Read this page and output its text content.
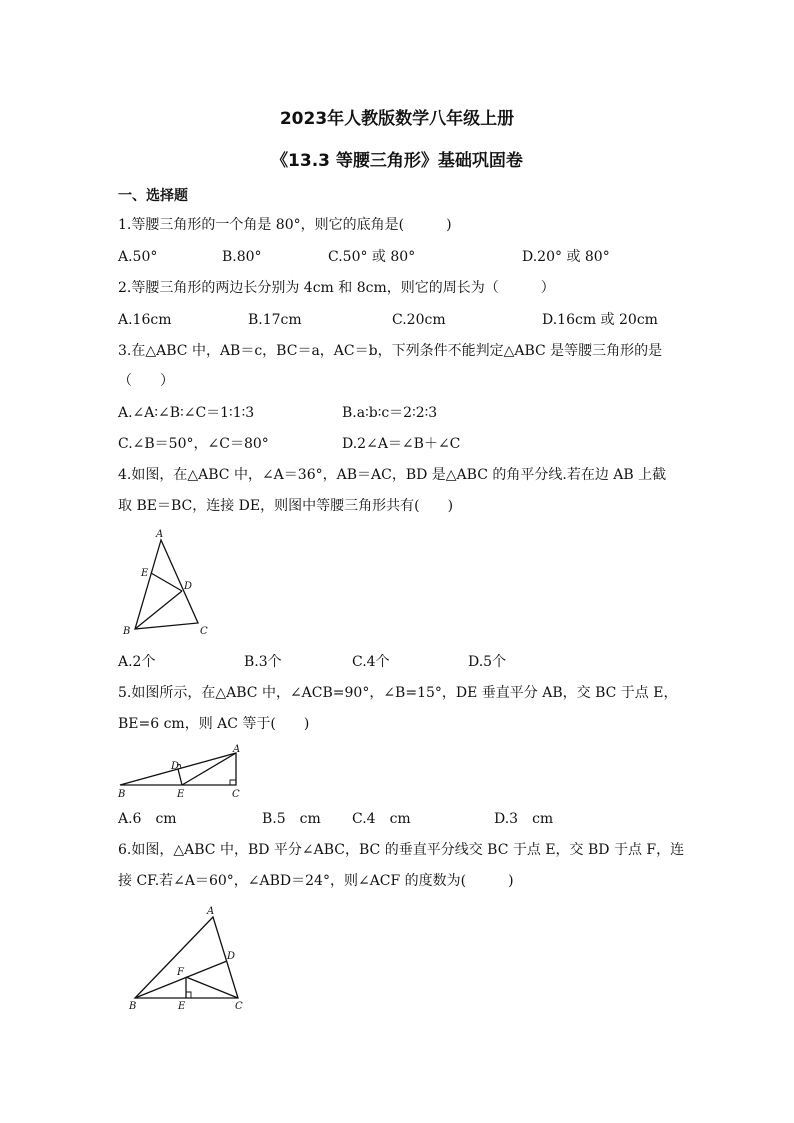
2023年人教版数学八年级上册
《13.3 等腰三角形》基础巩固卷
一、选择题
1.等腰三角形的一个角是 80°，则它的底角是(　　　)
A.50°	B.80°	C.50° 或 80°	D.20° 或 80°
2.等腰三角形的两边长分别为 4cm 和 8cm，则它的周长为（　　　）
A.16cm	B.17cm	C.20cm	D.16cm 或 20cm
3.在△ABC 中，AB＝c，BC＝a，AC＝b，下列条件不能判定△ABC 是等腰三角形的是
（　　）
A.∠A∶∠B∶∠C＝1∶1∶3	B.a∶b∶c＝2∶2∶3
C.∠B＝50°，∠C＝80°	D.2∠A＝∠B＋∠C
4.如图，在△ABC 中，∠A＝36°，AB＝AC，BD 是△ABC 的角平分线.若在边 AB 上截
取 BE＝BC，连接 DE，则图中等腰三角形共有(　　)
A
E
D
B	C
A.2个	B.3个	C.4个	D.5个
5.如图所示，在△ABC 中，∠ACB=90°，∠B=15°，DE 垂直平分 AB，交 BC 于点 E，
BE=6 cm，则 AC 等于(　　)
A
D
B	E	C
A.6　cm	B.5　cm C.4　cm	D.3　cm
6.如图，△ABC 中，BD 平分∠ABC，BC 的垂直平分线交 BC 于点 E，交 BD 于点 F，连
接 CF.若∠A＝60°，∠ABD＝24°，则∠ACF 的度数为(　　　)
A
D
F
B	E	C
